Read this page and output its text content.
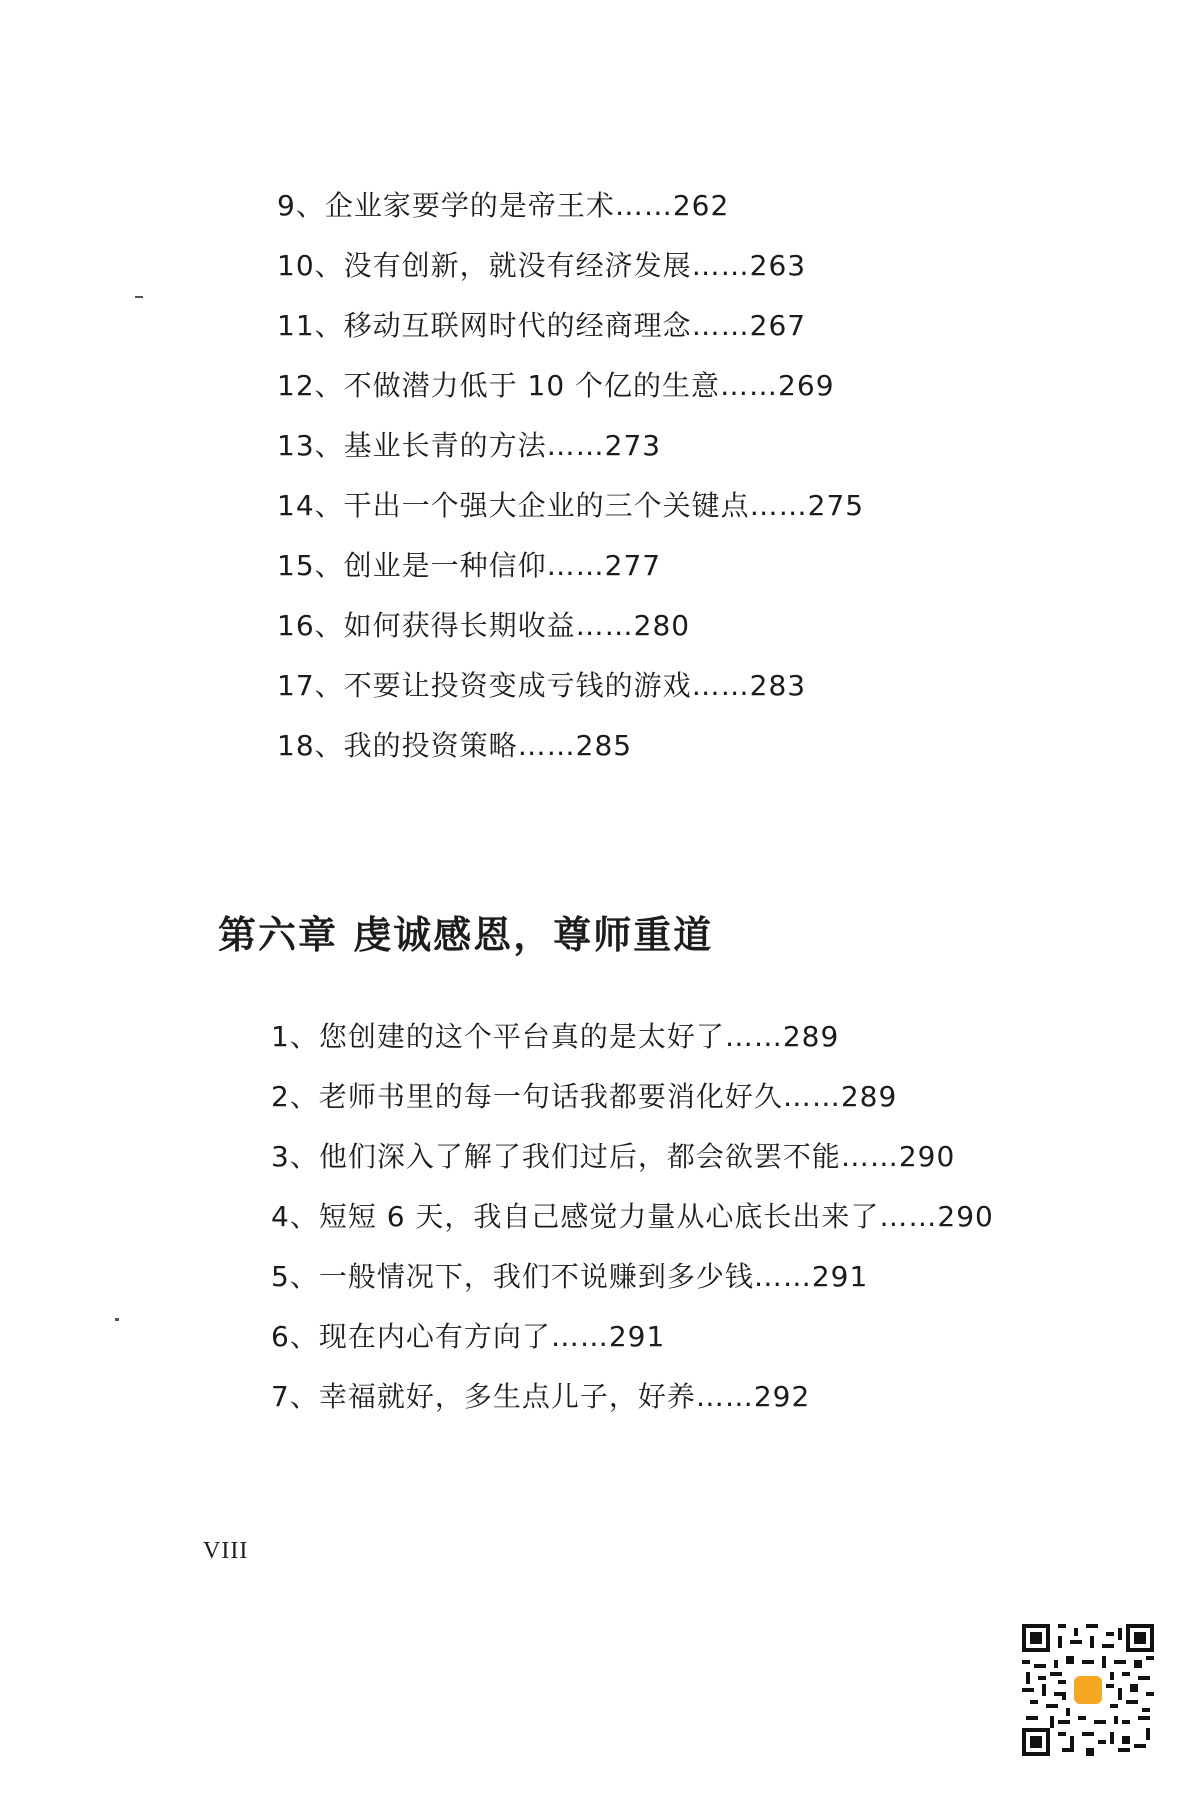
9、企业家要学的是帝王术……262
10、没有创新，就没有经济发展……263
11、移动互联网时代的经商理念……267
12、不做潜力低于 10 个亿的生意……269
13、基业长青的方法……273
14、干出一个强大企业的三个关键点……275
15、创业是一种信仰……277
16、如何获得长期收益……280
17、不要让投资变成亏钱的游戏……283
18、我的投资策略……285
第六章 虔诚感恩，尊师重道
1、您创建的这个平台真的是太好了……289
2、老师书里的每一句话我都要消化好久……289
3、他们深入了解了我们过后，都会欲罢不能……290
4、短短 6 天，我自己感觉力量从心底长出来了……290
5、一般情况下，我们不说赚到多少钱……291
6、现在内心有方向了……291
7、幸福就好，多生点儿子，好养……292
VIII
